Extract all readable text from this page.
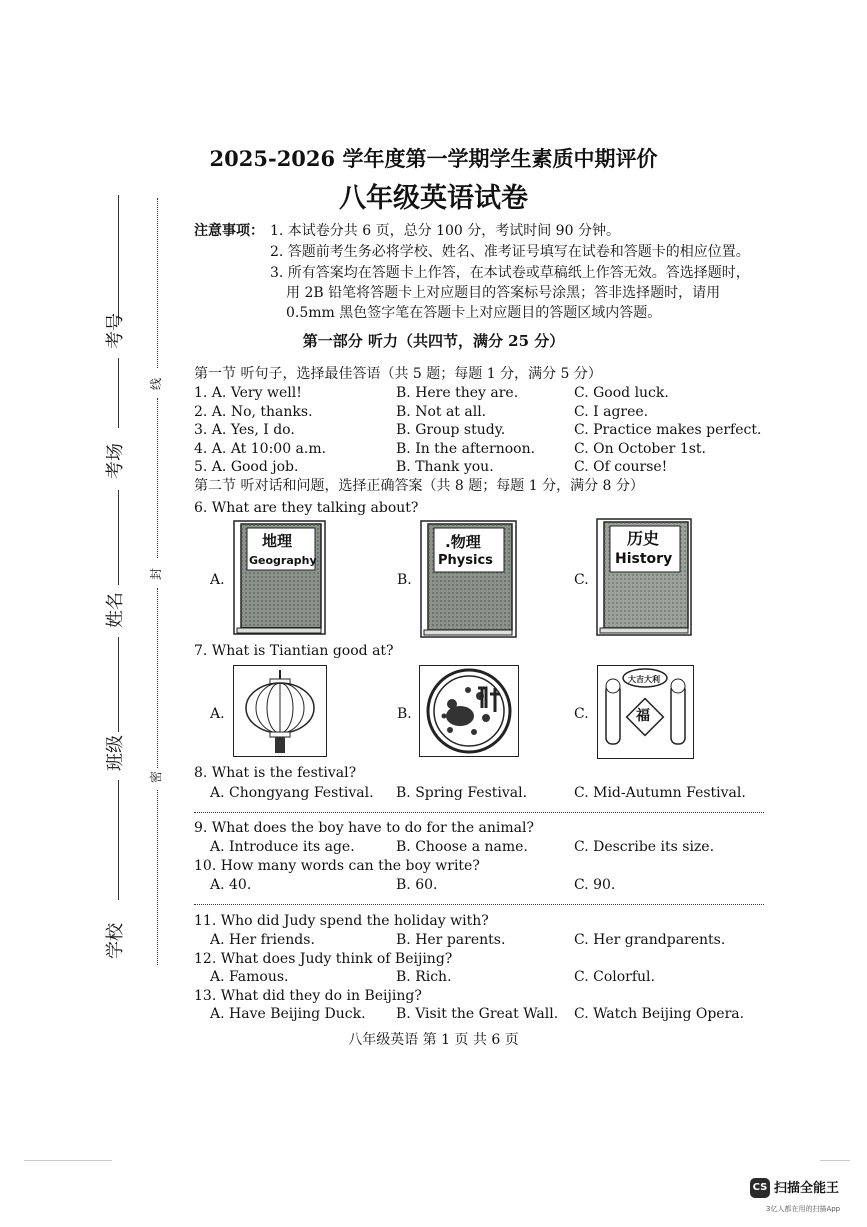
考号
考场
姓名
班级
学校
线
封
密
2025-2026 学年度第一学期学生素质中期评价
八年级英语试卷
注意事项： 1. 本试卷分共 6 页，总分 100 分，考试时间 90 分钟。
2. 答题前考生务必将学校、姓名、准考证号填写在试卷和答题卡的相应位置。
3. 所有答案均在答题卡上作答，在本试卷或草稿纸上作答无效。答选择题时，
用 2B 铅笔将答题卡上对应题目的答案标号涂黑；答非选择题时，请用
0.5mm 黑色签字笔在答题卡上对应题目的答题区域内答题。
第一部分 听力（共四节，满分 25 分）
第一节 听句子，选择最佳答语（共 5 题；每题 1 分，满分 5 分）
1. A. Very well!	B. Here they are.	C. Good luck.
2. A. No, thanks.	B. Not at all.	C. I agree.
3. A. Yes, I do.	B. Group study.	C. Practice makes perfect.
4. A. At 10:00 a.m.	B. In the afternoon.	C. On October 1st.
5. A. Good job.	B. Thank you.	C. Of course!
第二节 听对话和问题，选择正确答案（共 8 题；每题 1 分，满分 8 分）
6. What are they talking about?
A.
地理
Geography
B.
.物理
Physics
C.
历史
History
7. What is Tiantian good at?
A.	B.	C.
大吉大利
福
8. What is the festival?
A. Chongyang Festival. B. Spring Festival.	C. Mid-Autumn Festival.
9. What does the boy have to do for the animal?
A. Introduce its age.	B. Choose a name.	C. Describe its size.
10. How many words can the boy write?
A. 40.	B. 60.	C. 90.
11. Who did Judy spend the holiday with?
A. Her friends.	B. Her parents.	C. Her grandparents.
12. What does Judy think of Beijing?
A. Famous.	B. Rich.	C. Colorful.
13. What did they do in Beijing?
A. Have Beijing Duck. B. Visit the Great Wall. C. Watch Beijing Opera.
八年级英语 第 1 页 共 6 页
CS 扫描全能王
3亿人都在用的扫描App
